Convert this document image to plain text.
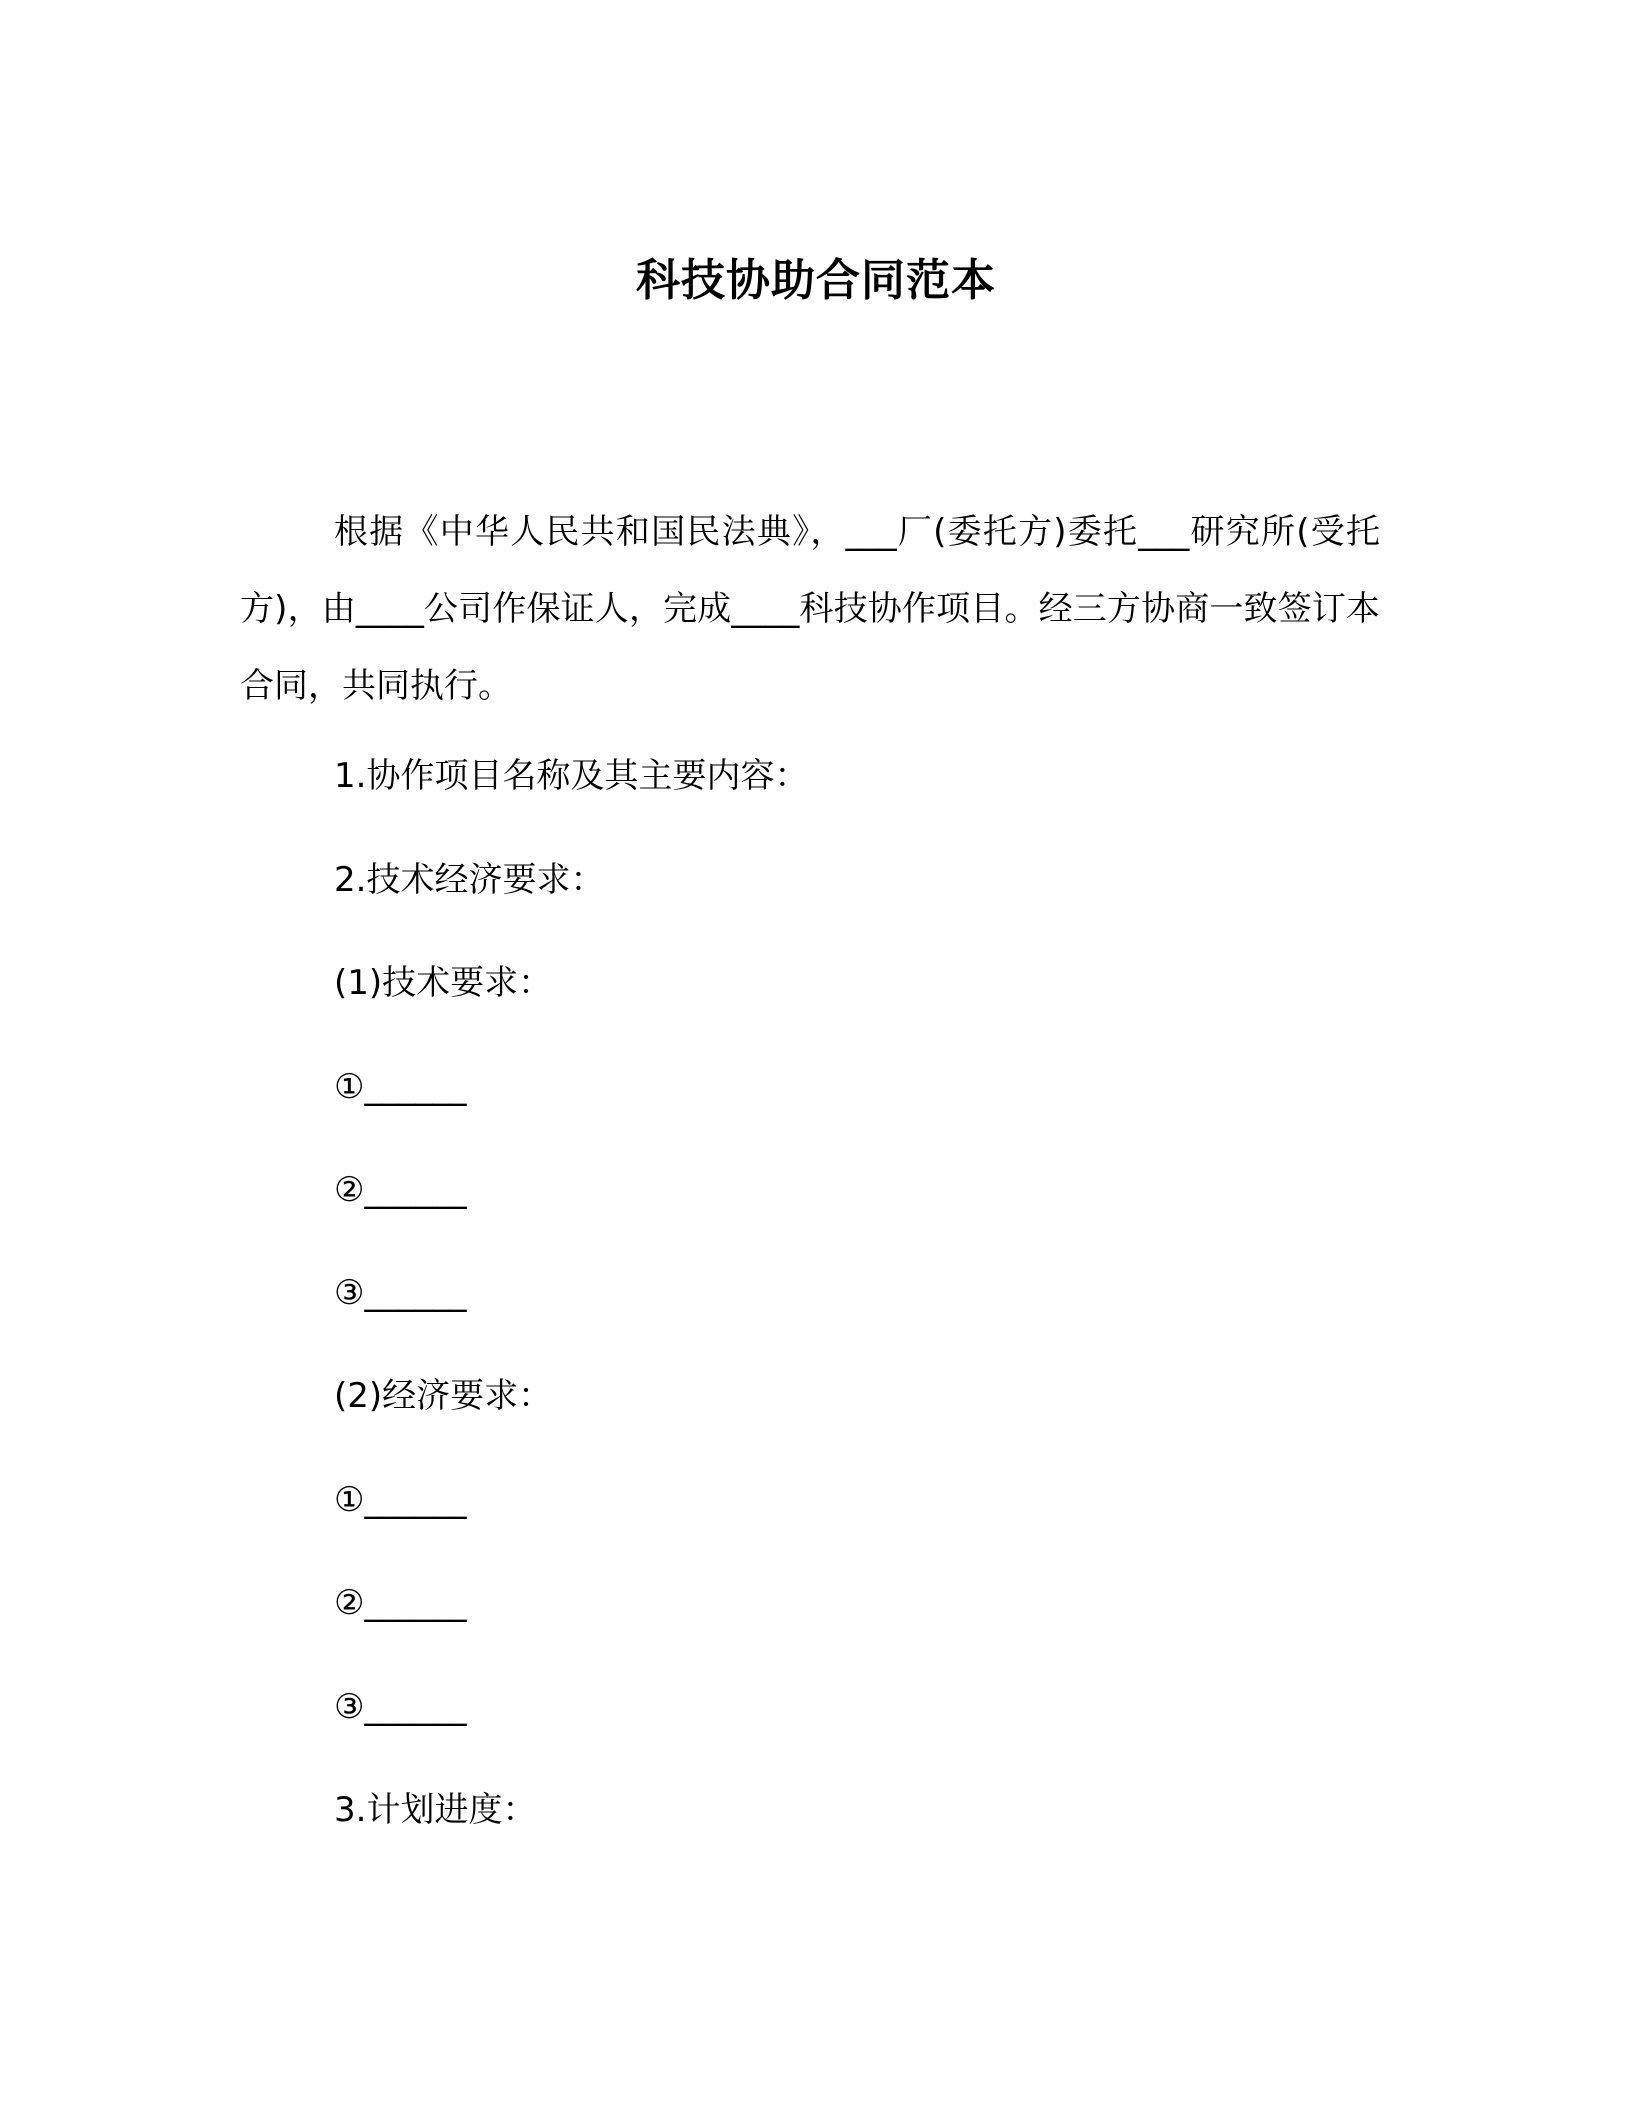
科技协助合同范本

根据《中华人民共和国民法典》，___厂(委托方)委托___研究所(受托方)，由____公司作保证人，完成____科技协作项目。经三方协商一致签订本合同，共同执行。

1.协作项目名称及其主要内容：

2.技术经济要求：

(1)技术要求：

①______

②______

③______

(2)经济要求：

①______

②______

③______

3.计划进度：
